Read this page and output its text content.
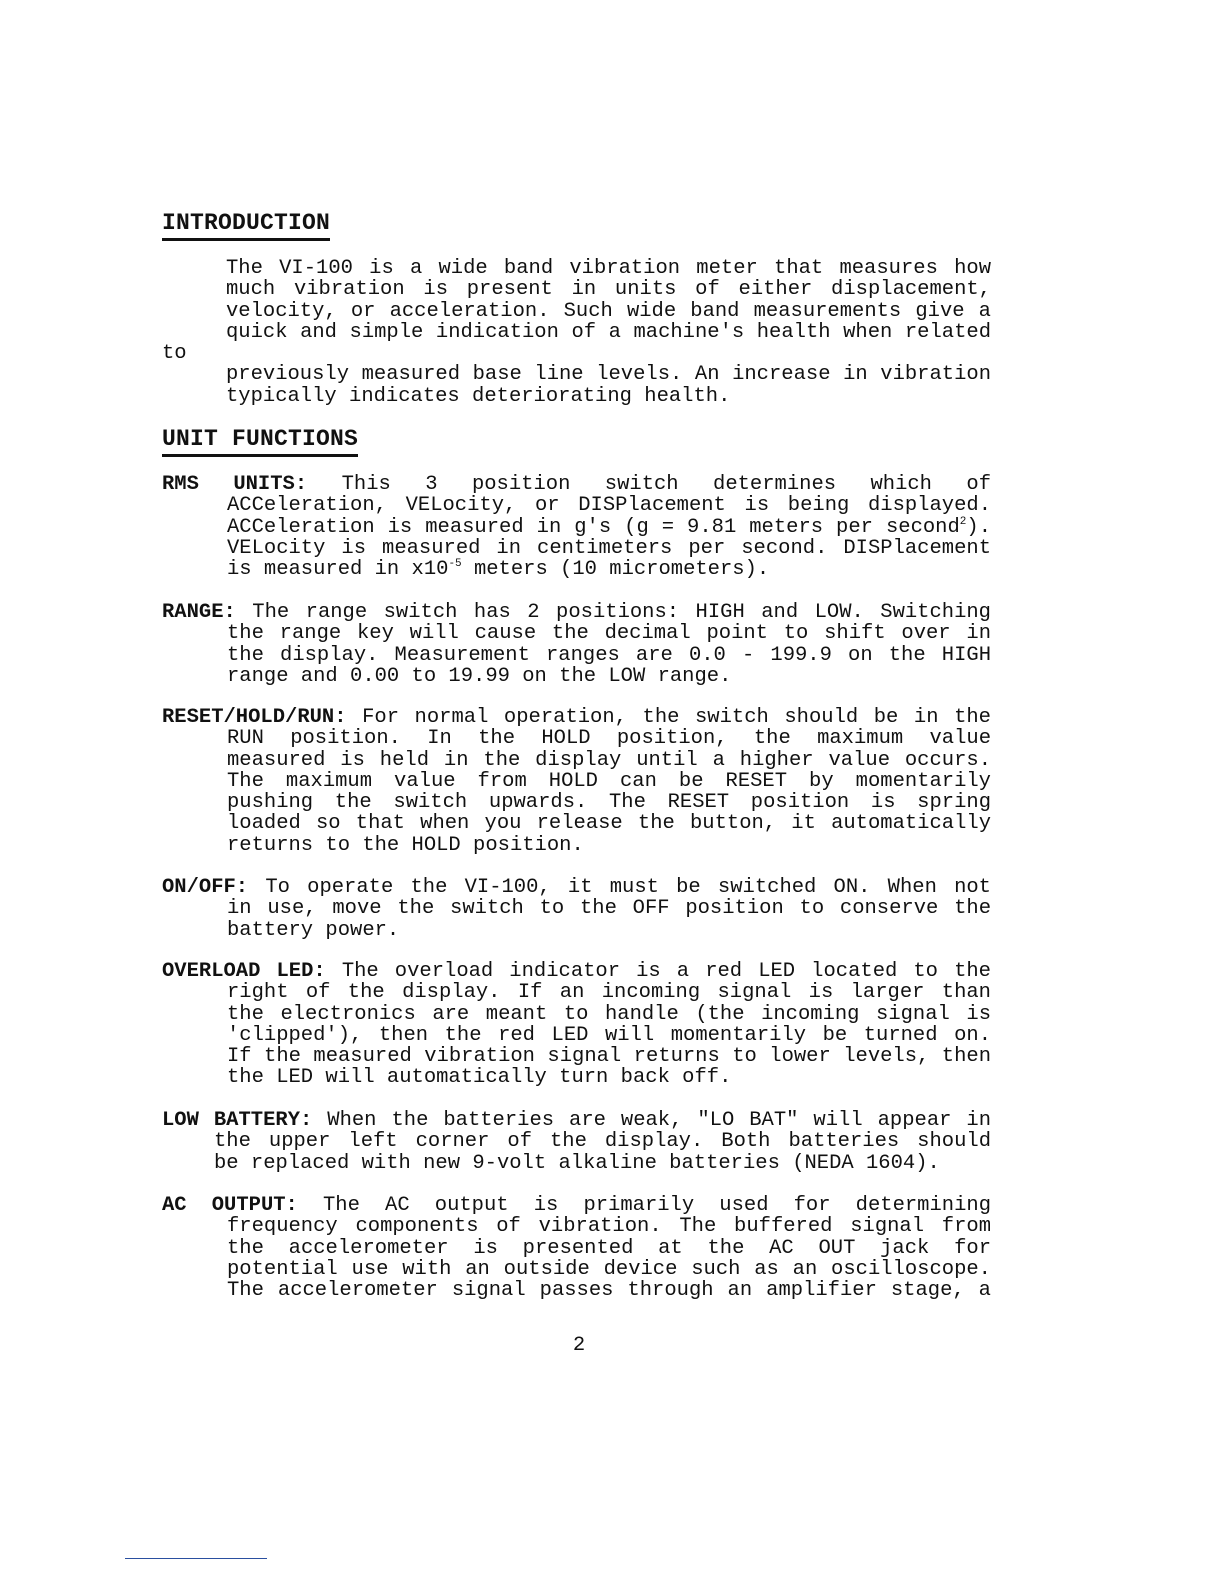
INTRODUCTION

The VI-100 is a wide band vibration meter that measures how
much vibration is present in units of either displacement,
velocity, or acceleration. Such wide band measurements give a
quick and simple indication of a machine's health when related to
previously measured base line levels. An increase in vibration
typically indicates deteriorating health.

UNIT FUNCTIONS
RMS UNITS: This 3 position switch determines which of
ACCeleration, VELocity, or DISPlacement is being displayed.
ACCeleration is measured in g's (g = 9.81 meters per second$^2$).
VELocity is measured in centimeters per second. DISPlacement
is measured in $x10^{-5}$ meters (10 micrometers).
RANGE: The range switch has 2 positions: HIGH and LOW. Switching
the range key will cause the decimal point to shift over in
the display. Measurement ranges are 0.0 - 199.9 on the HIGH
range and 0.00 to 19.99 on the LOW range.
RESET/HOLD/RUN: For normal operation, the switch should be in the
RUN position. In the HOLD position, the maximum value
measured is held in the display until a higher value occurs.
The maximum value from HOLD can be RESET by momentarily
pushing the switch upwards. The RESET position is spring
loaded so that when you release the button, it automatically
returns to the HOLD position.
ON/OFF: To operate the VI-100, it must be switched ON. When not
in use, move the switch to the OFF position to conserve the
battery power.
OVERLOAD LED: The overload indicator is a red LED located to the
right of the display. If an incoming signal is larger than
the electronics are meant to handle (the incoming signal is
'clipped'), then the red LED will momentarily be turned on.
If the measured vibration signal returns to lower levels, then
the LED will automatically turn back off.
LOW BATTERY: When the batteries are weak, "LO BAT" will appear in
the upper left corner of the display. Both batteries should
be replaced with new 9-volt alkaline batteries (NEDA 1604).
AC OUTPUT: The AC output is primarily used for determining
frequency components of vibration. The buffered signal from
the accelerometer is presented at the AC OUT jack for
potential use with an outside device such as an oscilloscope.
The accelerometer signal passes through an amplifier stage, a
2
